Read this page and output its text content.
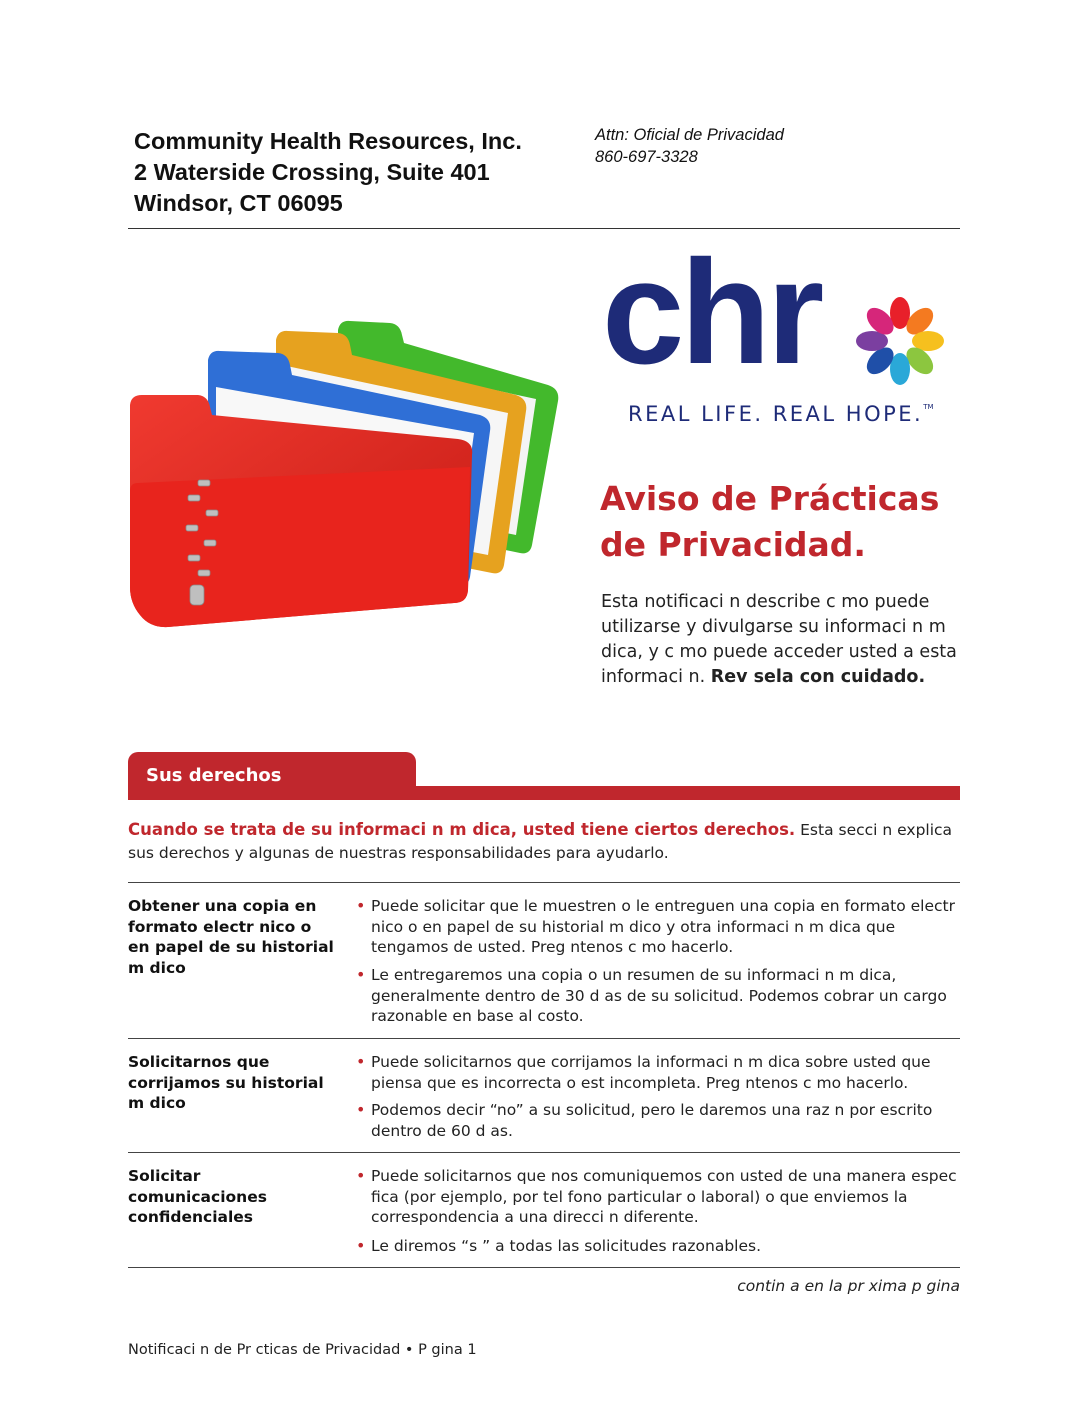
Community Health Resources, Inc.
2 Waterside Crossing, Suite 401
Windsor, CT 06095
Attn: Oficial de Privacidad
860-697-3328
chr
REAL LIFE. REAL HOPE.™
Aviso de Prácticas
de Privacidad.
Esta notificaci n describe c mo puede utilizarse y divulgarse su informaci n m dica, y c mo puede acceder usted a esta informaci n. Rev sela con cuidado.
Sus derechos
Cuando se trata de su informaci n m dica, usted tiene ciertos derechos. Esta secci n explica sus derechos y algunas de nuestras responsabilidades para ayudarlo.
Obtener una copia en formato electr nico o en papel de su historial m dico
• Puede solicitar que le muestren o le entreguen una copia en formato electr nico o en papel de su historial m dico y otra informaci n m dica que tengamos de usted. Preg ntenos c mo hacerlo.
• Le entregaremos una copia o un resumen de su informaci n m dica, generalmente dentro de 30 d as de su solicitud. Podemos cobrar un cargo razonable en base al costo.
Solicitarnos que corrijamos su historial m dico
• Puede solicitarnos que corrijamos la informaci n m dica sobre usted que piensa que es incorrecta o est incompleta. Preg ntenos c mo hacerlo.
• Podemos decir “no” a su solicitud, pero le daremos una raz n por escrito dentro de 60 d as.
Solicitar comunicaciones confidenciales
• Puede solicitarnos que nos comuniquemos con usted de una manera espec fica (por ejemplo, por tel fono particular o laboral) o que enviemos la correspondencia a una direcci n diferente.
• Le diremos “s ” a todas las solicitudes razonables.
contin a en la pr xima p gina
Notificaci n de Pr cticas de Privacidad • P gina 1
